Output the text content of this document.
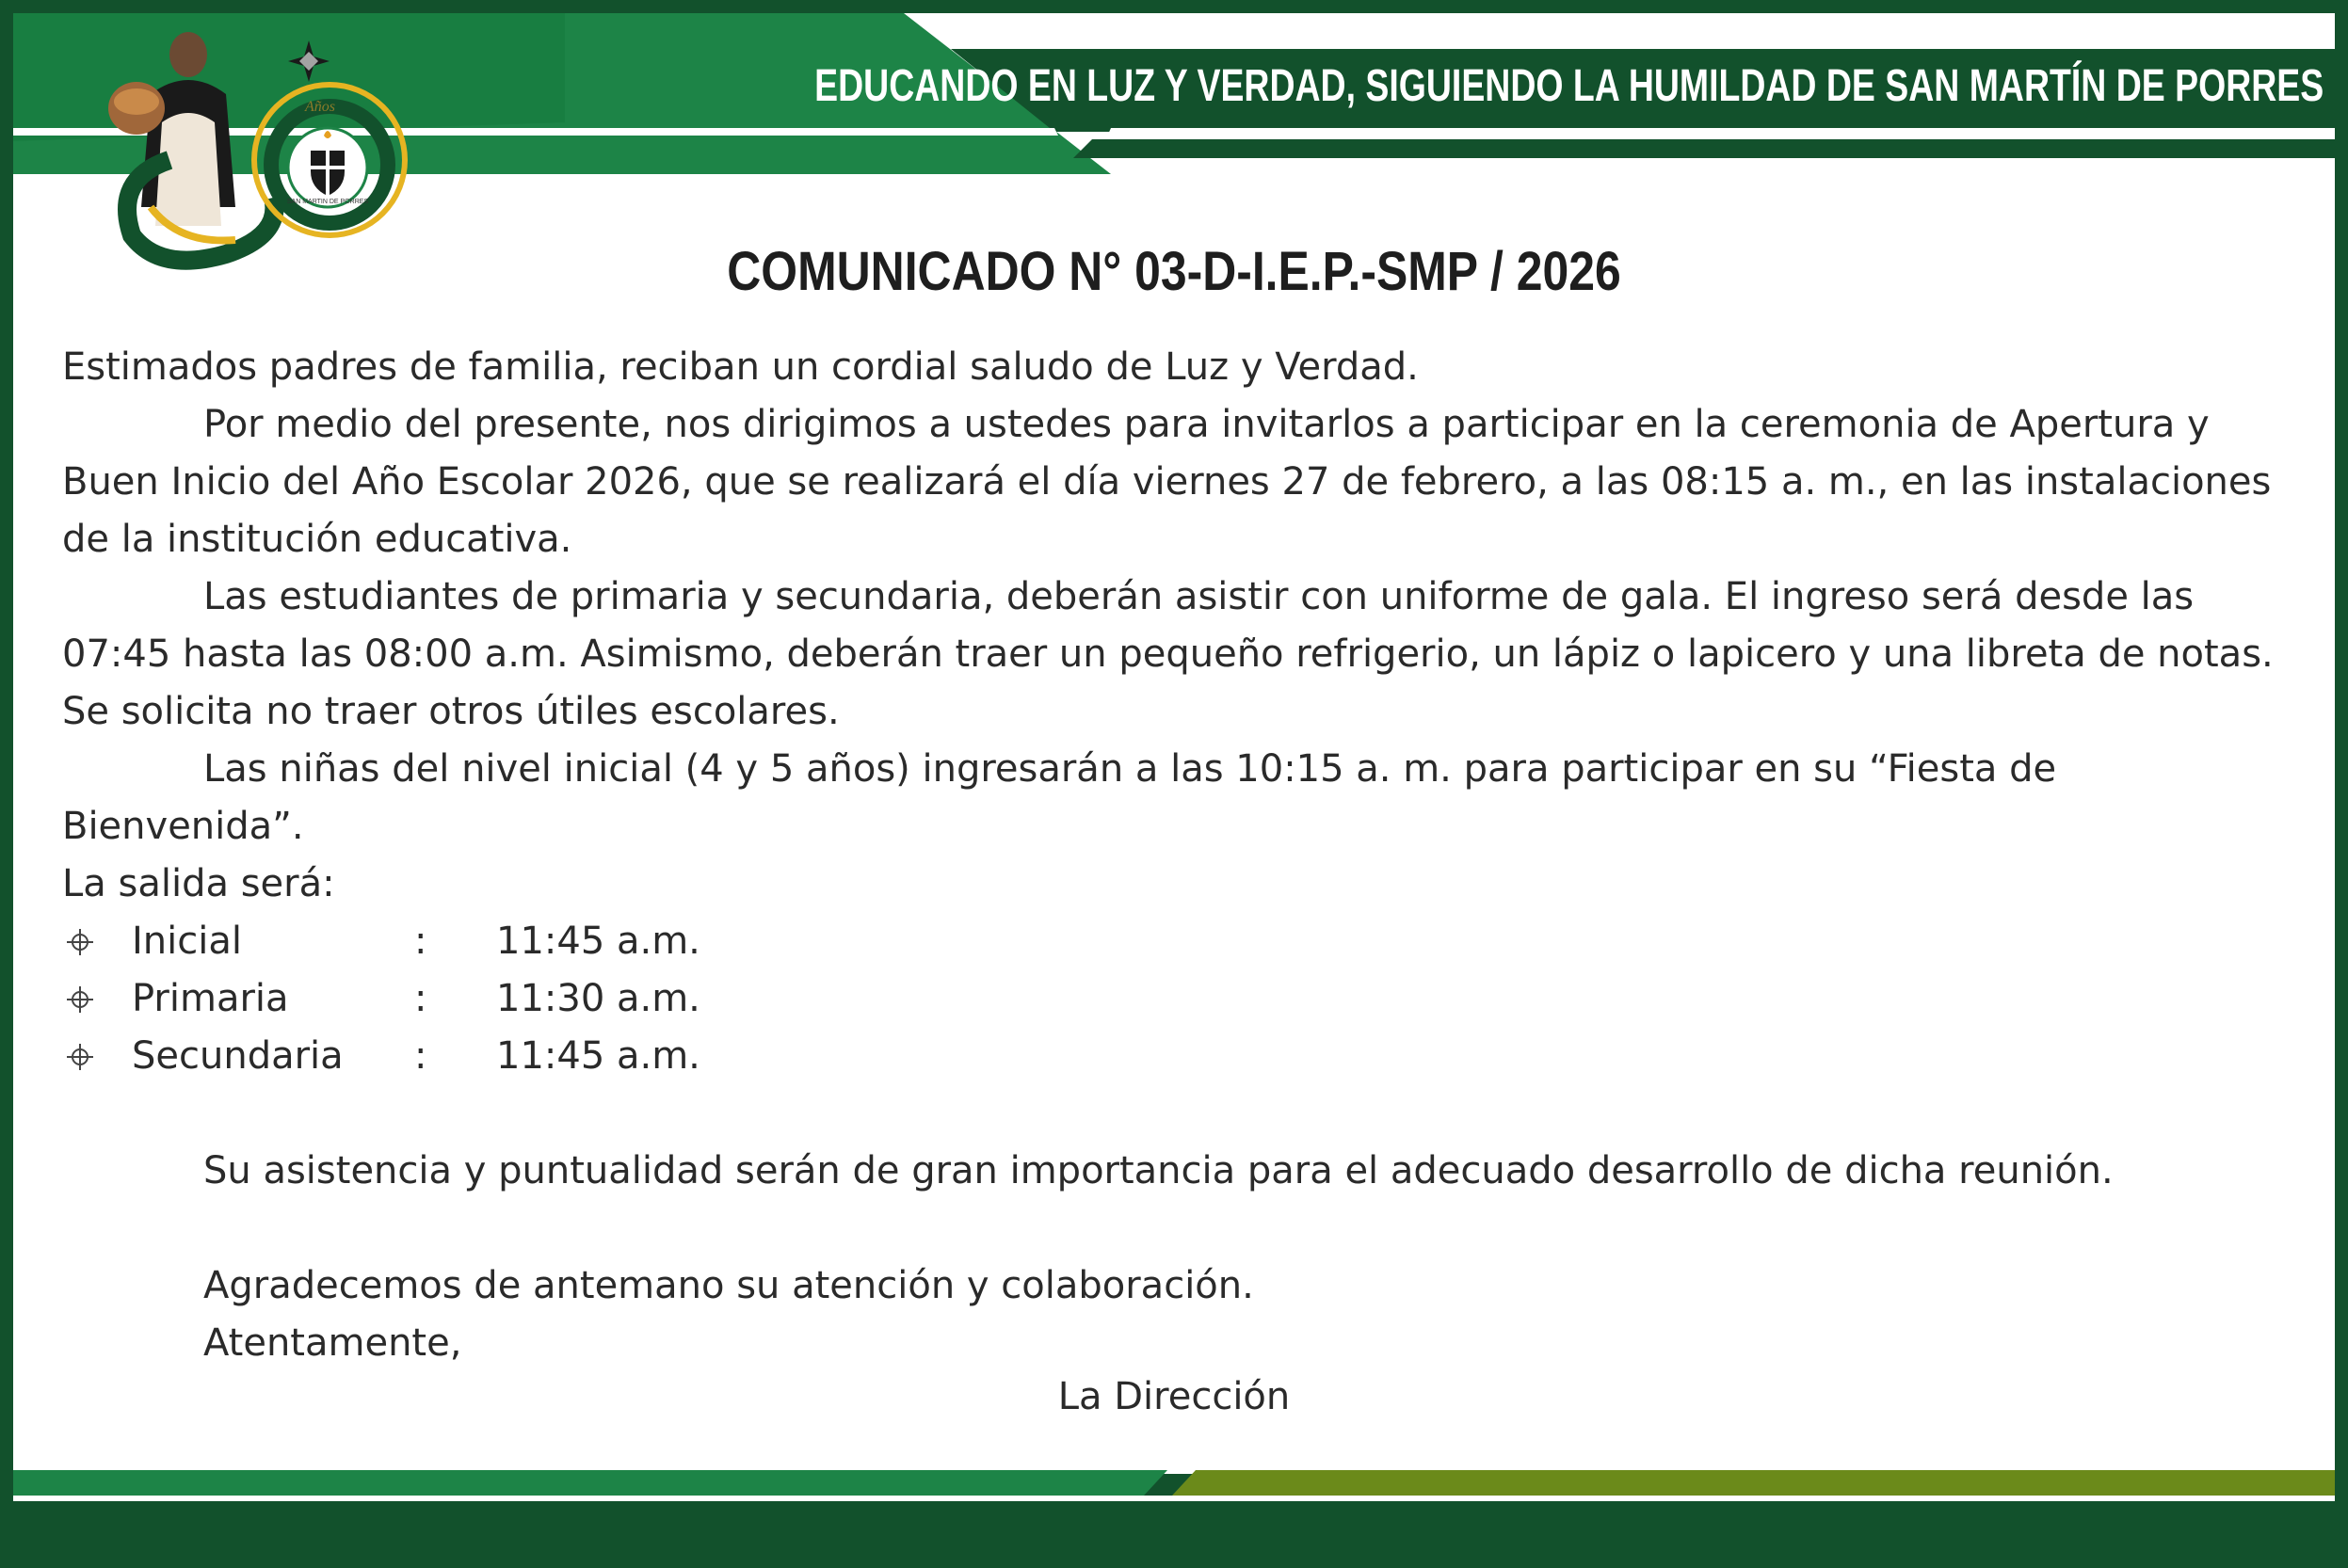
SAN MARTIN DE PORRES
Años	EDUCANDO EN LUZ Y VERDAD, SIGUIENDO LA HUMILDAD DE SAN MARTÍN DE PORRES
COMUNICADO N° 03-D-I.E.P.-SMP / 2026

Estimados padres de familia, reciban un cordial saludo de Luz y Verdad.

Por medio del presente, nos dirigimos a ustedes para invitarlos a participar en la ceremonia de Apertura y Buen Inicio del Año Escolar 2026, que se realizará el día viernes 27 de febrero, a las 08:15 a. m., en las instalaciones de la institución educativa.

Las estudiantes de primaria y secundaria, deberán asistir con uniforme de gala. El ingreso será desde las 07:45 hasta las 08:00 a.m. Asimismo, deberán traer un pequeño refrigerio, un lápiz o lapicero y una libreta de notas. Se solicita no traer otros útiles escolares.

Las niñas del nivel inicial (4 y 5 años) ingresarán a las 10:15 a. m. para participar en su “Fiesta de Bienvenida”.

La salida será:

Inicial	:	11:45 a.m.
Primaria	:	11:30 a.m.
Secundaria	:	11:45 a.m.

Su asistencia y puntualidad serán de gran importancia para el adecuado desarrollo de dicha reunión.

Agradecemos de antemano su atención y colaboración.

Atentamente,

La Dirección
